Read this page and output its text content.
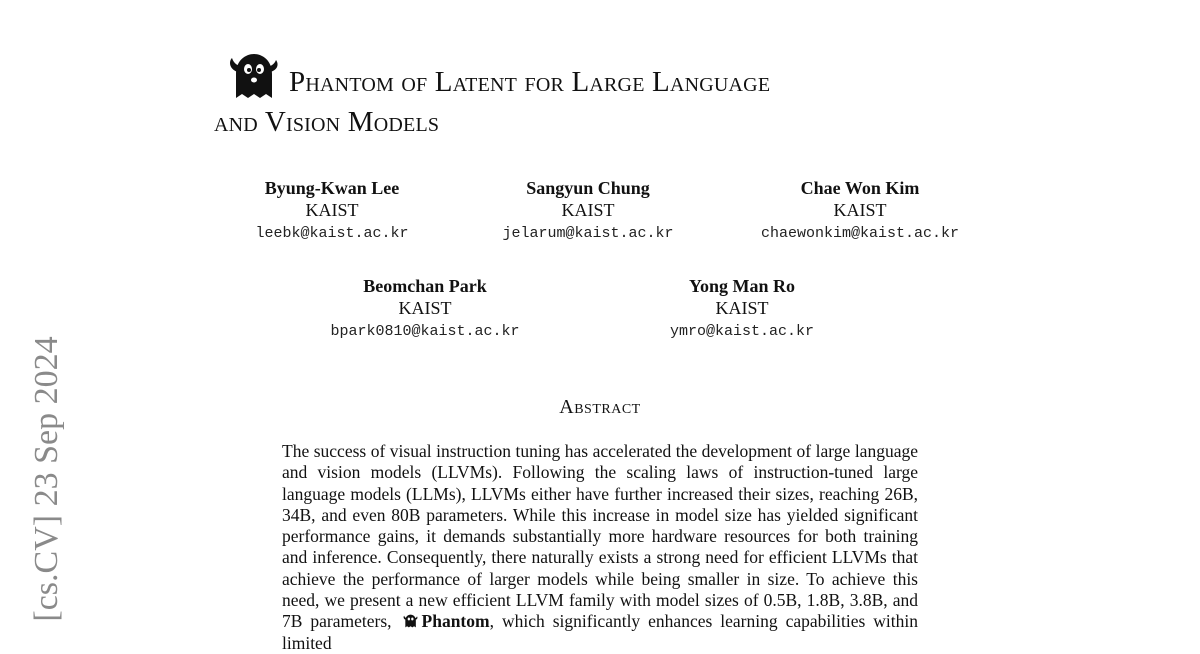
[cs.CV] 23 Sep 2024
Phantom of Latent for Large Language
and Vision Models
Byung-Kwan Lee
KAIST
leebk@kaist.ac.kr
Sangyun Chung
KAIST
jelarum@kaist.ac.kr
Chae Won Kim
KAIST
chaewonkim@kaist.ac.kr
Beomchan Park
KAIST
bpark0810@kaist.ac.kr
Yong Man Ro
KAIST
ymro@kaist.ac.kr
Abstract
The success of visual instruction tuning has accelerated the development of large language and vision models (LLVMs). Following the scaling laws of instruction-tuned large language models (LLMs), LLVMs either have further increased their sizes, reaching 26B, 34B, and even 80B parameters. While this increase in model size has yielded significant performance gains, it demands substantially more hardware resources for both training and inference. Consequently, there naturally exists a strong need for efficient LLVMs that achieve the performance of larger models while being smaller in size. To achieve this need, we present a new efficient LLVM family with model sizes of 0.5B, 1.8B, 3.8B, and 7B parameters, Phantom, which significantly enhances learning capabilities within limited
